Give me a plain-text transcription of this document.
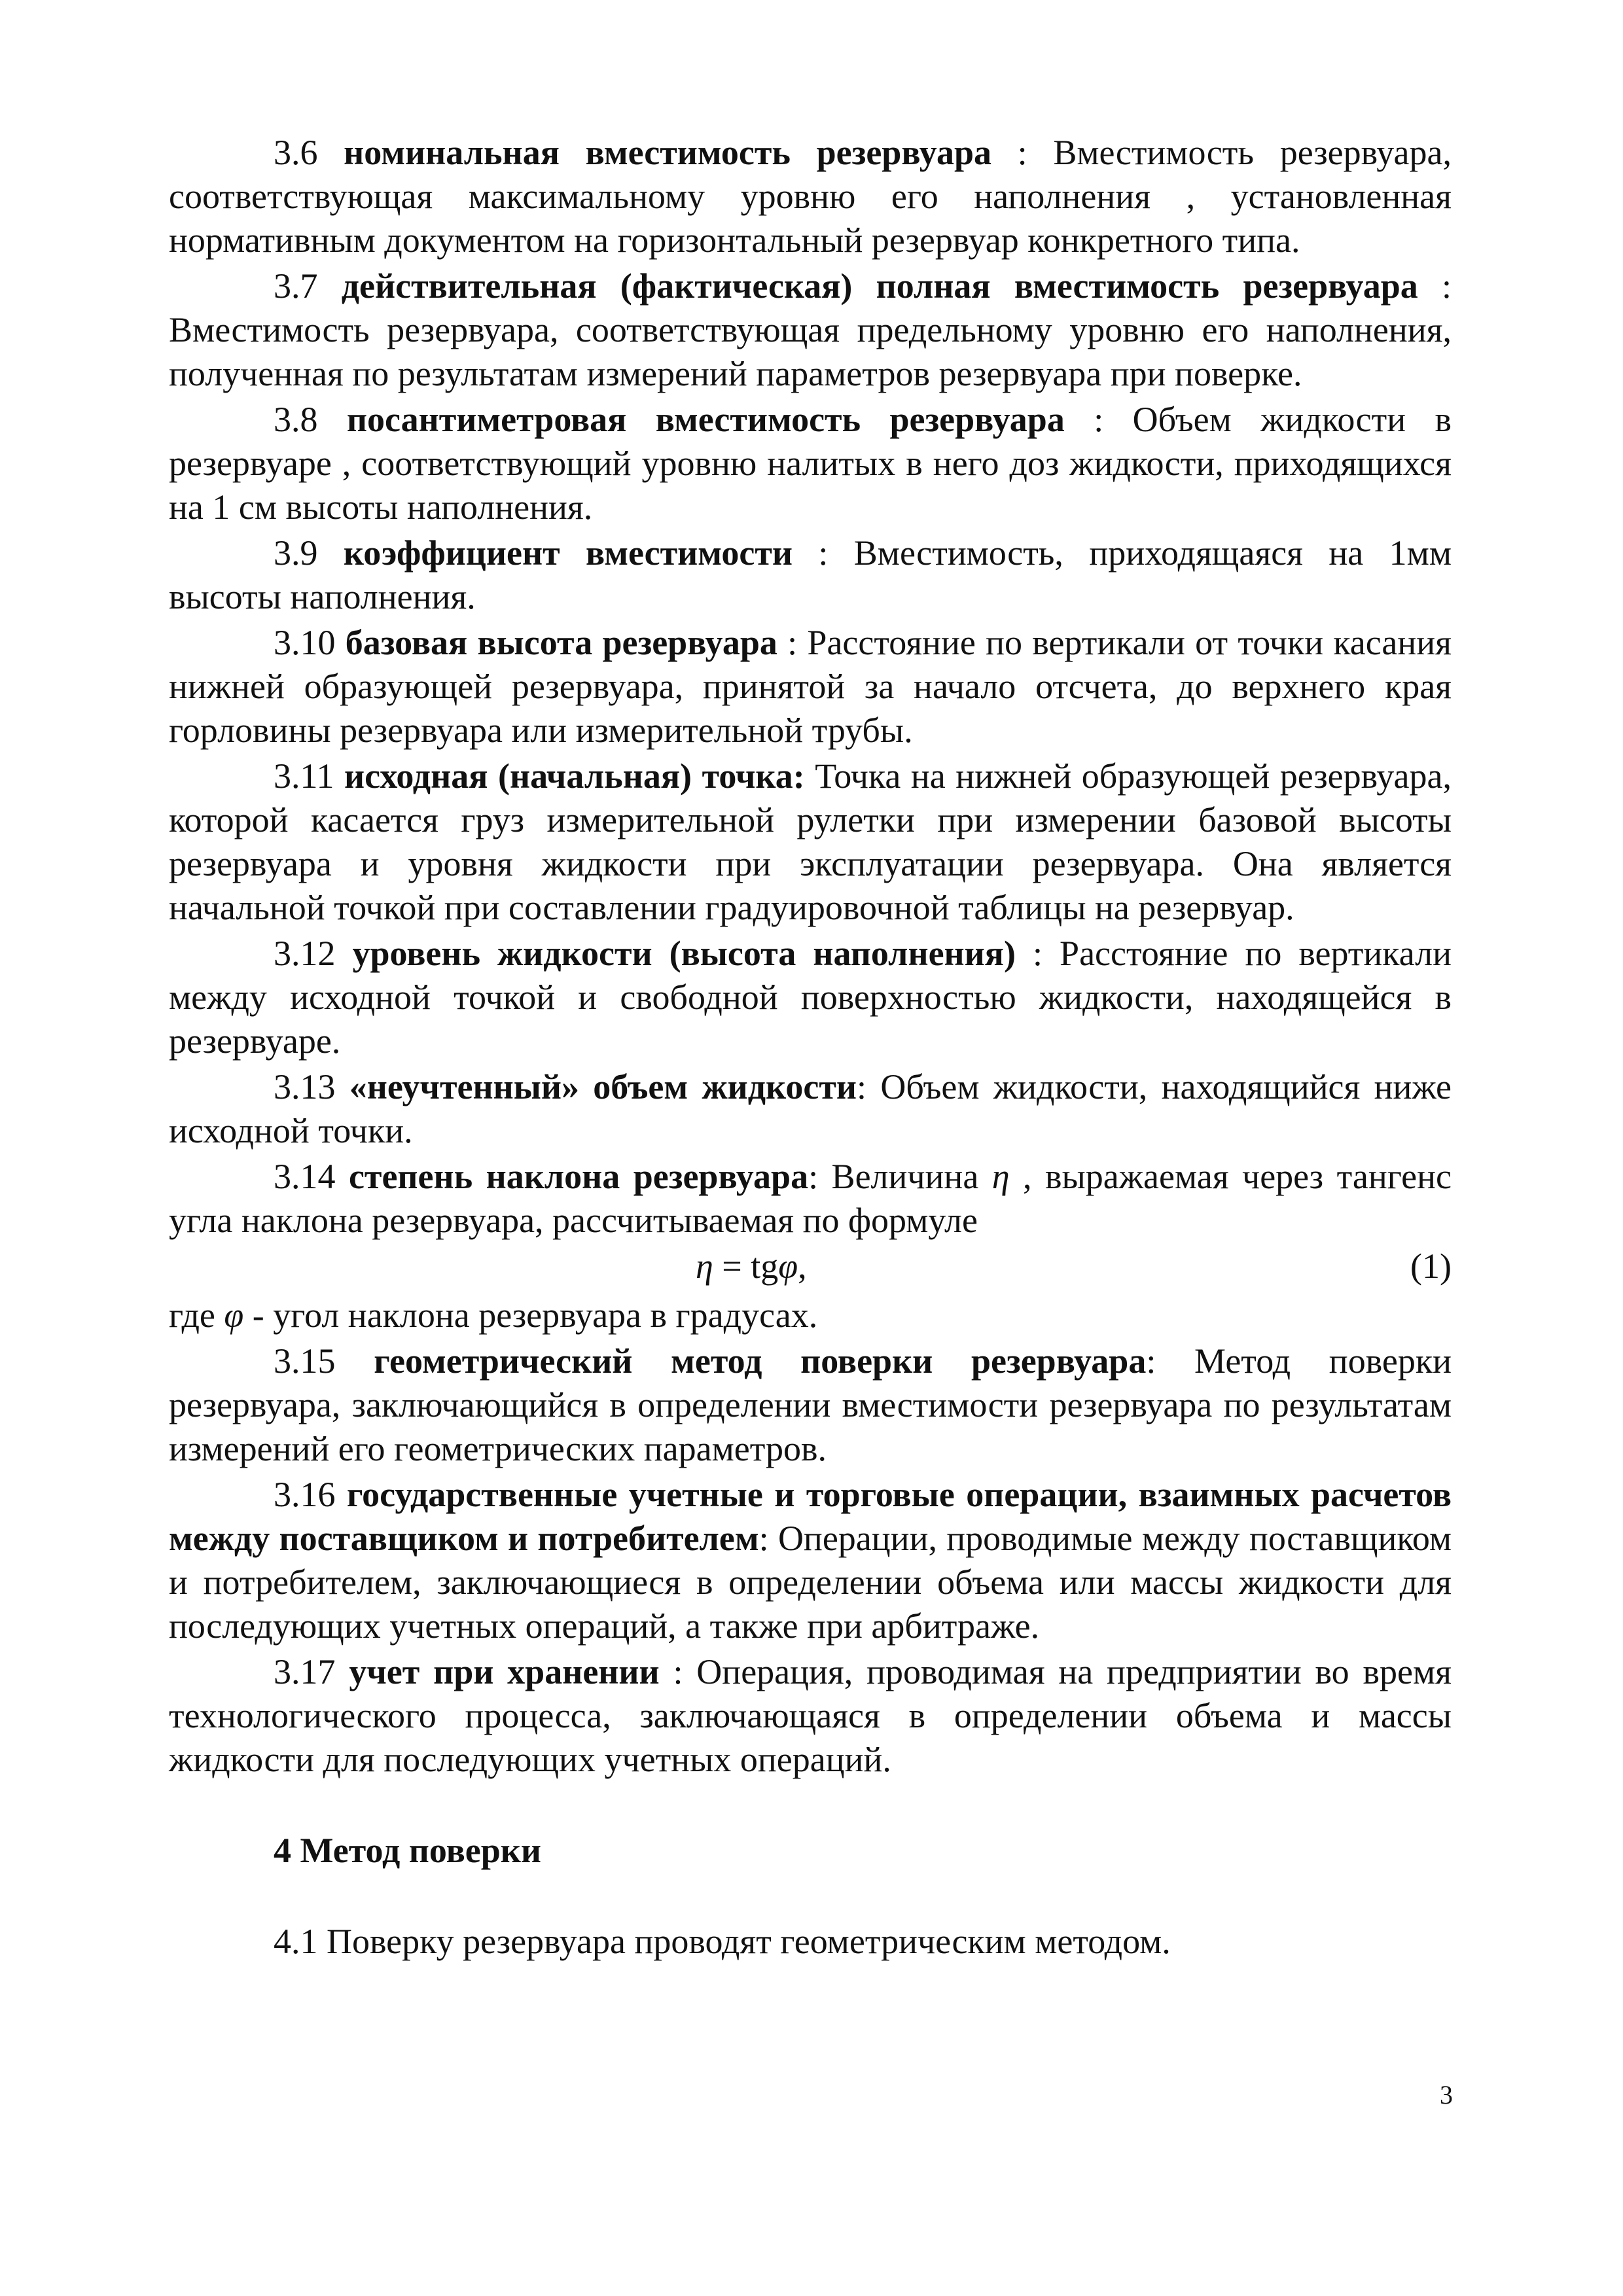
3.6 номинальная вместимость резервуара : Вместимость резервуара, соответствующая максимальному уровню его наполнения , установленная нормативным документом на горизонтальный резервуар конкретного типа.

3.7 действительная (фактическая) полная вместимость резервуара : Вместимость резервуара, соответствующая предельному уровню его наполнения, полученная по результатам измерений параметров резервуара при поверке.

3.8 посантиметровая вместимость резервуара : Объем жидкости в резервуаре , соответствующий уровню налитых в него доз жидкости, приходящихся на 1 см высоты наполнения.

3.9 коэффициент вместимости : Вместимость, приходящаяся на 1мм высоты наполнения.

3.10 базовая высота резервуара : Расстояние по вертикали от точки касания нижней образующей резервуара, принятой за начало отсчета, до верхнего края горловины резервуара или измерительной трубы.

3.11 исходная (начальная) точка: Точка на нижней образующей резервуара, которой касается груз измерительной рулетки при измерении базовой высоты резервуара и уровня жидкости при эксплуатации резервуара. Она является начальной точкой при составлении градуировочной таблицы на резервуар.

3.12 уровень жидкости (высота наполнения) : Расстояние по вертикали между исходной точкой и свободной поверхностью жидкости, находящейся в резервуаре.

3.13 «неучтенный» объем жидкости: Объем жидкости, находящийся ниже исходной точки.

3.14 степень наклона резервуара: Величина η , выражаемая через тангенс угла наклона резервуара, рассчитываемая по формуле

η = tgφ,	(1)

где φ - угол наклона резервуара в градусах.

3.15 геометрический метод поверки резервуара: Метод поверки резервуара, заключающийся в определении вместимости резервуара по результатам измерений его геометрических параметров.

3.16 государственные учетные и торговые операции, взаимных расчетов между поставщиком и потребителем: Операции, проводимые между поставщиком и потребителем, заключающиеся в определении объема или массы жидкости для последующих учетных операций, а также при арбитраже.

3.17 учет при хранении : Операция, проводимая на предприятии во время технологического процесса, заключающаяся в определении объема и массы жидкости для последующих учетных операций.

4 Метод поверки

4.1 Поверку резервуара проводят геометрическим методом.

3
